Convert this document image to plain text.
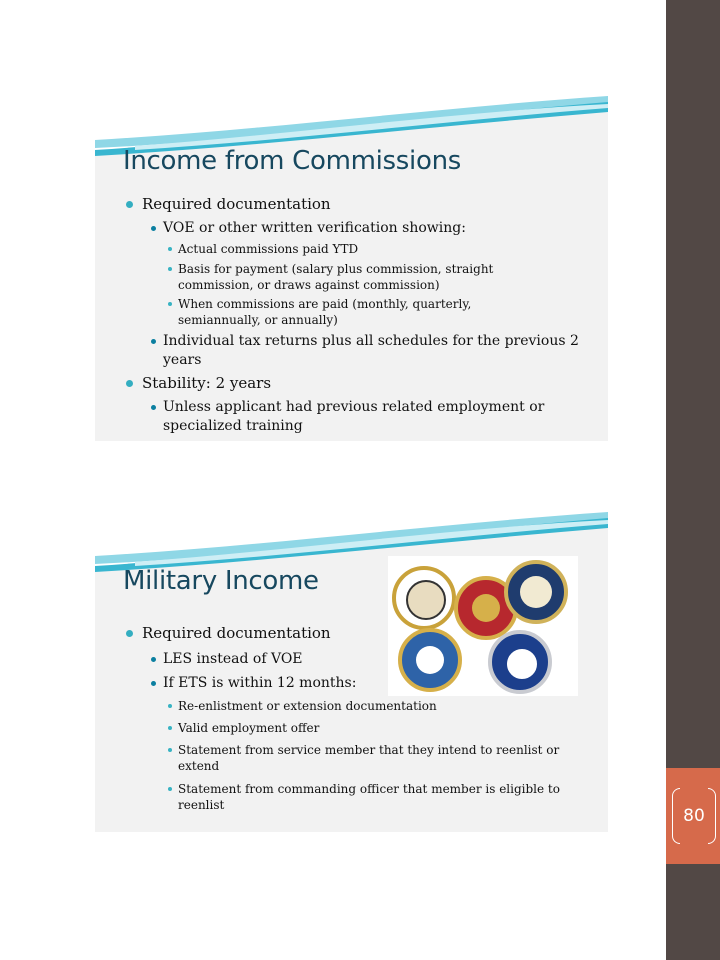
80
Income from Commissions
Required documentation
VOE or other written verification showing:
Actual commissions paid YTD
Basis for payment (salary plus commission, straight commission, or draws against commission)
When commissions are paid (monthly, quarterly, semiannually, or annually)
Individual tax returns plus all schedules for the previous 2 years
Stability: 2 years
Unless applicant had previous related employment or specialized training
Military Income
Required documentation
LES instead of VOE
If ETS is within 12 months:
Re-enlistment or extension documentation
Valid employment offer
Statement from service member that they intend to reenlist or extend
Statement from commanding officer that member is eligible to reenlist
